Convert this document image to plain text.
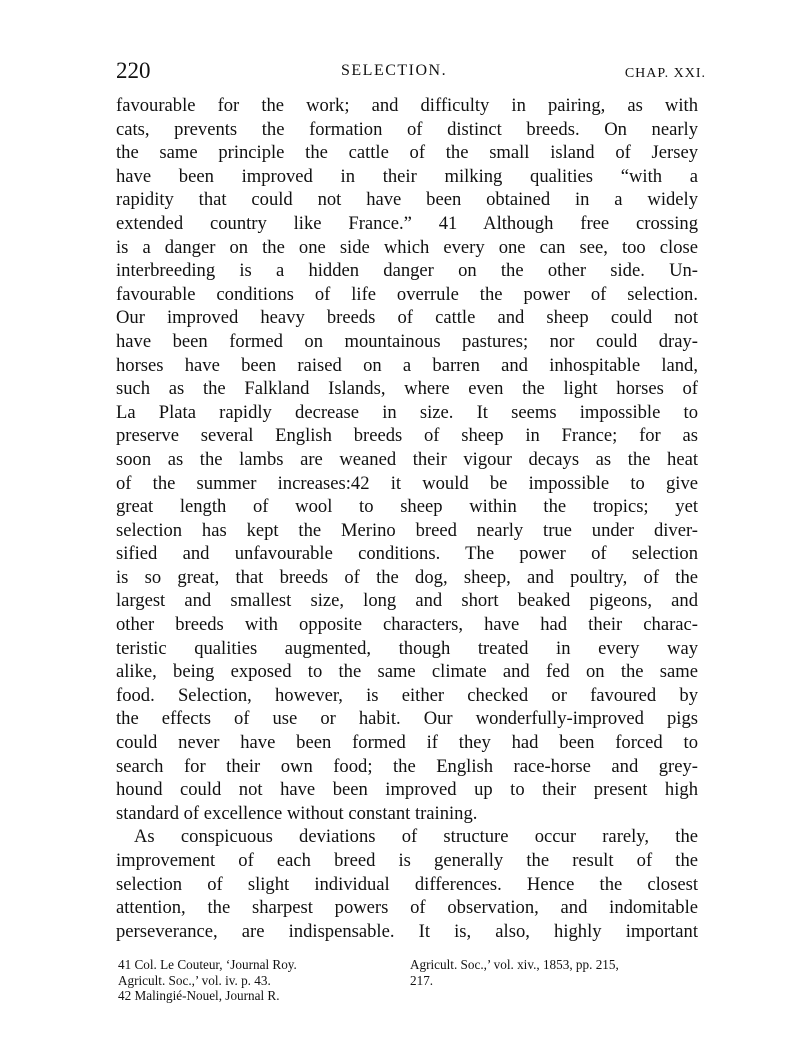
220	SELECTION.	CHAP. XXI.
favourable for the work; and difficulty in pairing, as with
cats, prevents the formation of distinct breeds. On nearly
the same principle the cattle of the small island of Jersey
have been improved in their milking qualities “with a
rapidity that could not have been obtained in a widely
extended country like France.” 41 Although free crossing
is a danger on the one side which every one can see, too close
interbreeding is a hidden danger on the other side. Un-
favourable conditions of life overrule the power of selection.
Our improved heavy breeds of cattle and sheep could not
have been formed on mountainous pastures; nor could dray-
horses have been raised on a barren and inhospitable land,
such as the Falkland Islands, where even the light horses of
La Plata rapidly decrease in size. It seems impossible to
preserve several English breeds of sheep in France; for as
soon as the lambs are weaned their vigour decays as the heat
of the summer increases:42 it would be impossible to give
great length of wool to sheep within the tropics; yet
selection has kept the Merino breed nearly true under diver-
sified and unfavourable conditions. The power of selection
is so great, that breeds of the dog, sheep, and poultry, of the
largest and smallest size, long and short beaked pigeons, and
other breeds with opposite characters, have had their charac-
teristic qualities augmented, though treated in every way
alike, being exposed to the same climate and fed on the same
food. Selection, however, is either checked or favoured by
the effects of use or habit. Our wonderfully-improved pigs
could never have been formed if they had been forced to
search for their own food; the English race-horse and grey-
hound could not have been improved up to their present high
standard of excellence without constant training.
As conspicuous deviations of structure occur rarely, the
improvement of each breed is generally the result of the
selection of slight individual differences. Hence the closest
attention, the sharpest powers of observation, and indomitable
perseverance, are indispensable. It is, also, highly important
41 Col. Le Couteur, ‘Journal Roy.	Agricult. Soc.,’ vol. xiv., 1853, pp. 215,
Agricult. Soc.,’ vol. iv. p. 43.	217.
42 Malingié-Nouel, Journal R.
